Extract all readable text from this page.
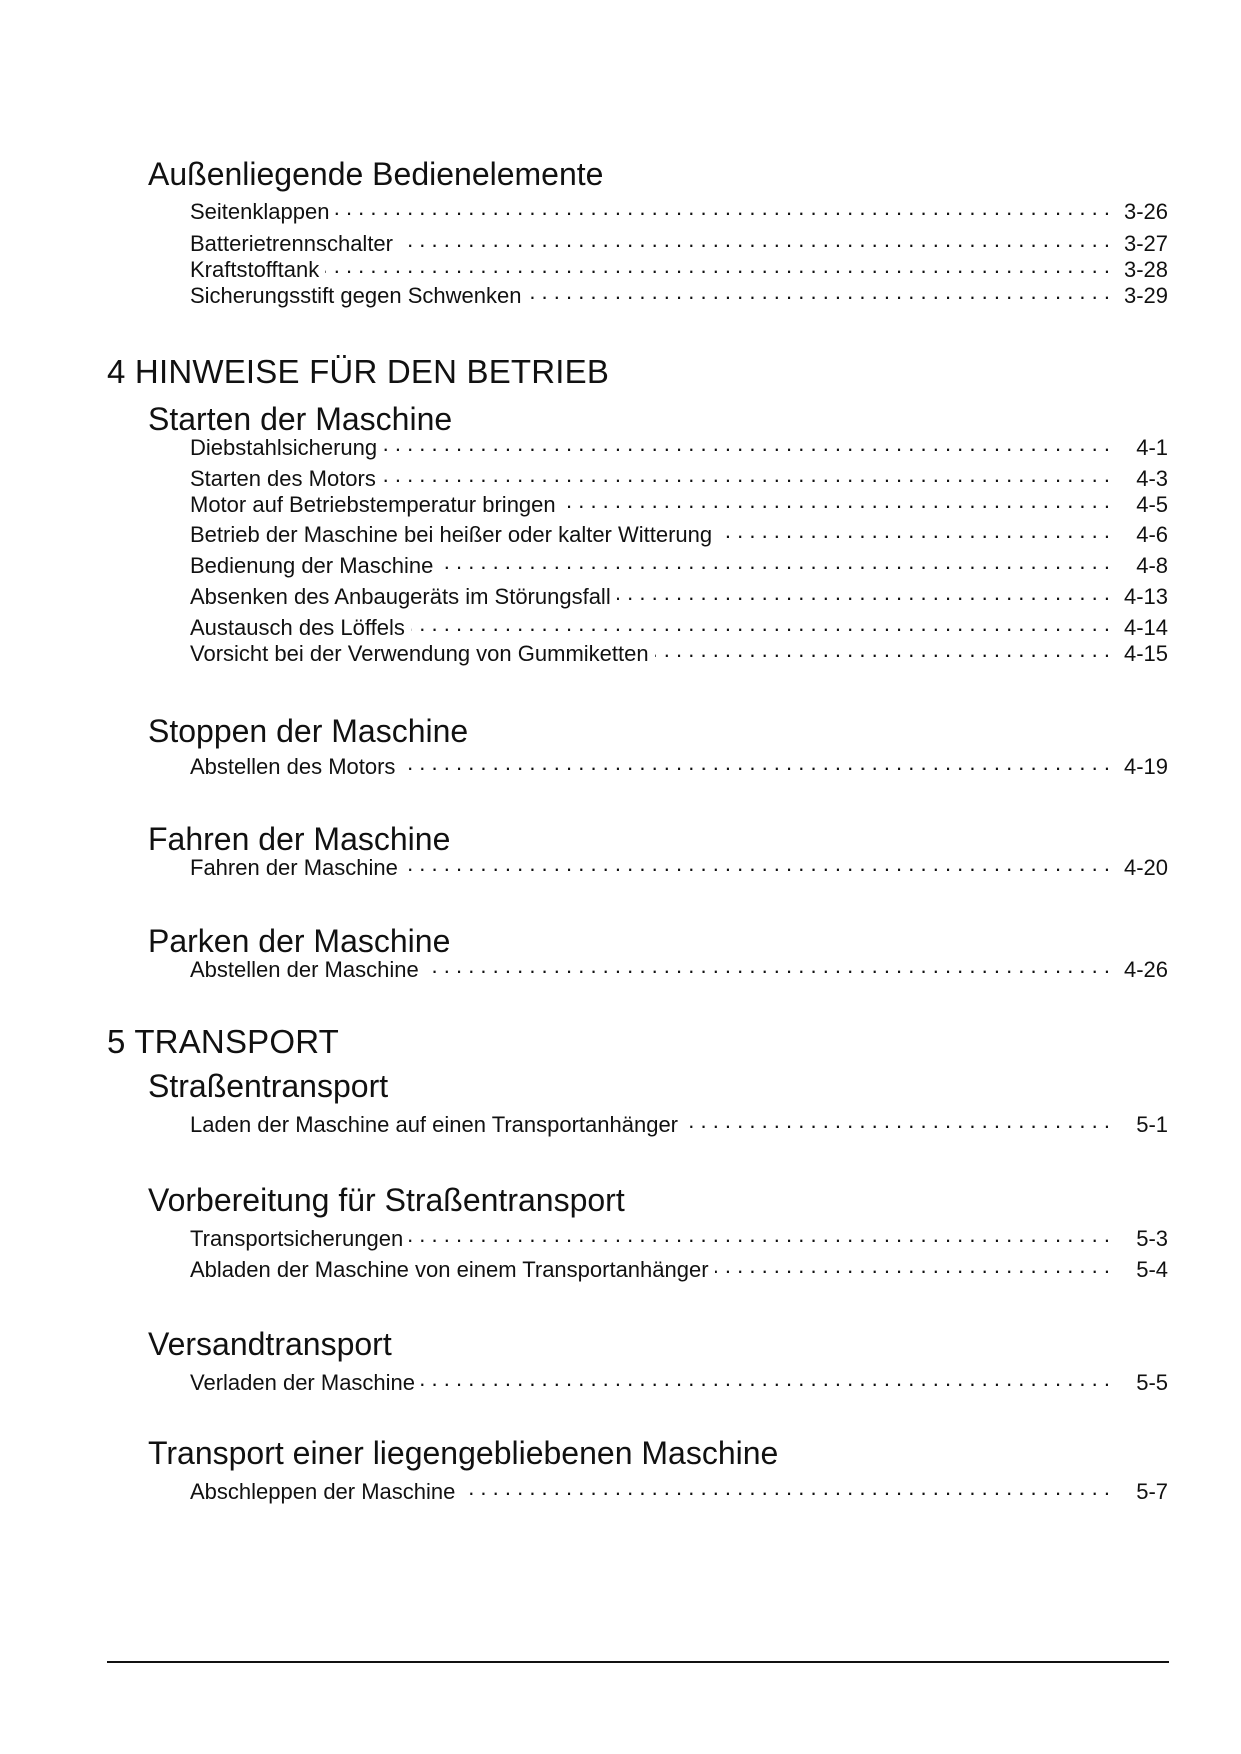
Außenliegende Bedienelemente
Seitenklappen . . .	3-26
Batterietrennschalter . . .	3-27
Kraftstofftank . . .	3-28
Sicherungsstift gegen Schwenken . . .	3-29
4 HINWEISE FÜR DEN BETRIEB
Starten der Maschine
Diebstahlsicherung . . .	4-1
Starten des Motors . . .	4-3
Motor auf Betriebstemperatur bringen . . .	4-5
Betrieb der Maschine bei heißer oder kalter Witterung . . .	4-6
Bedienung der Maschine . . .	4-8
Absenken des Anbaugeräts im Störungsfall . . .	4-13
Austausch des Löffels . . .	4-14
Vorsicht bei der Verwendung von Gummiketten . . .	4-15
Stoppen der Maschine
Abstellen des Motors . . .	4-19
Fahren der Maschine
Fahren der Maschine . . .	4-20
Parken der Maschine
Abstellen der Maschine . . .	4-26
5 TRANSPORT
Straßentransport
Laden der Maschine auf einen Transportanhänger . . .	5-1
Vorbereitung für Straßentransport
Transportsicherungen . . .	5-3
Abladen der Maschine von einem Transportanhänger . . .	5-4
Versandtransport
Verladen der Maschine . . .	5-5
Transport einer liegengebliebenen Maschine
Abschleppen der Maschine . . .	5-7
